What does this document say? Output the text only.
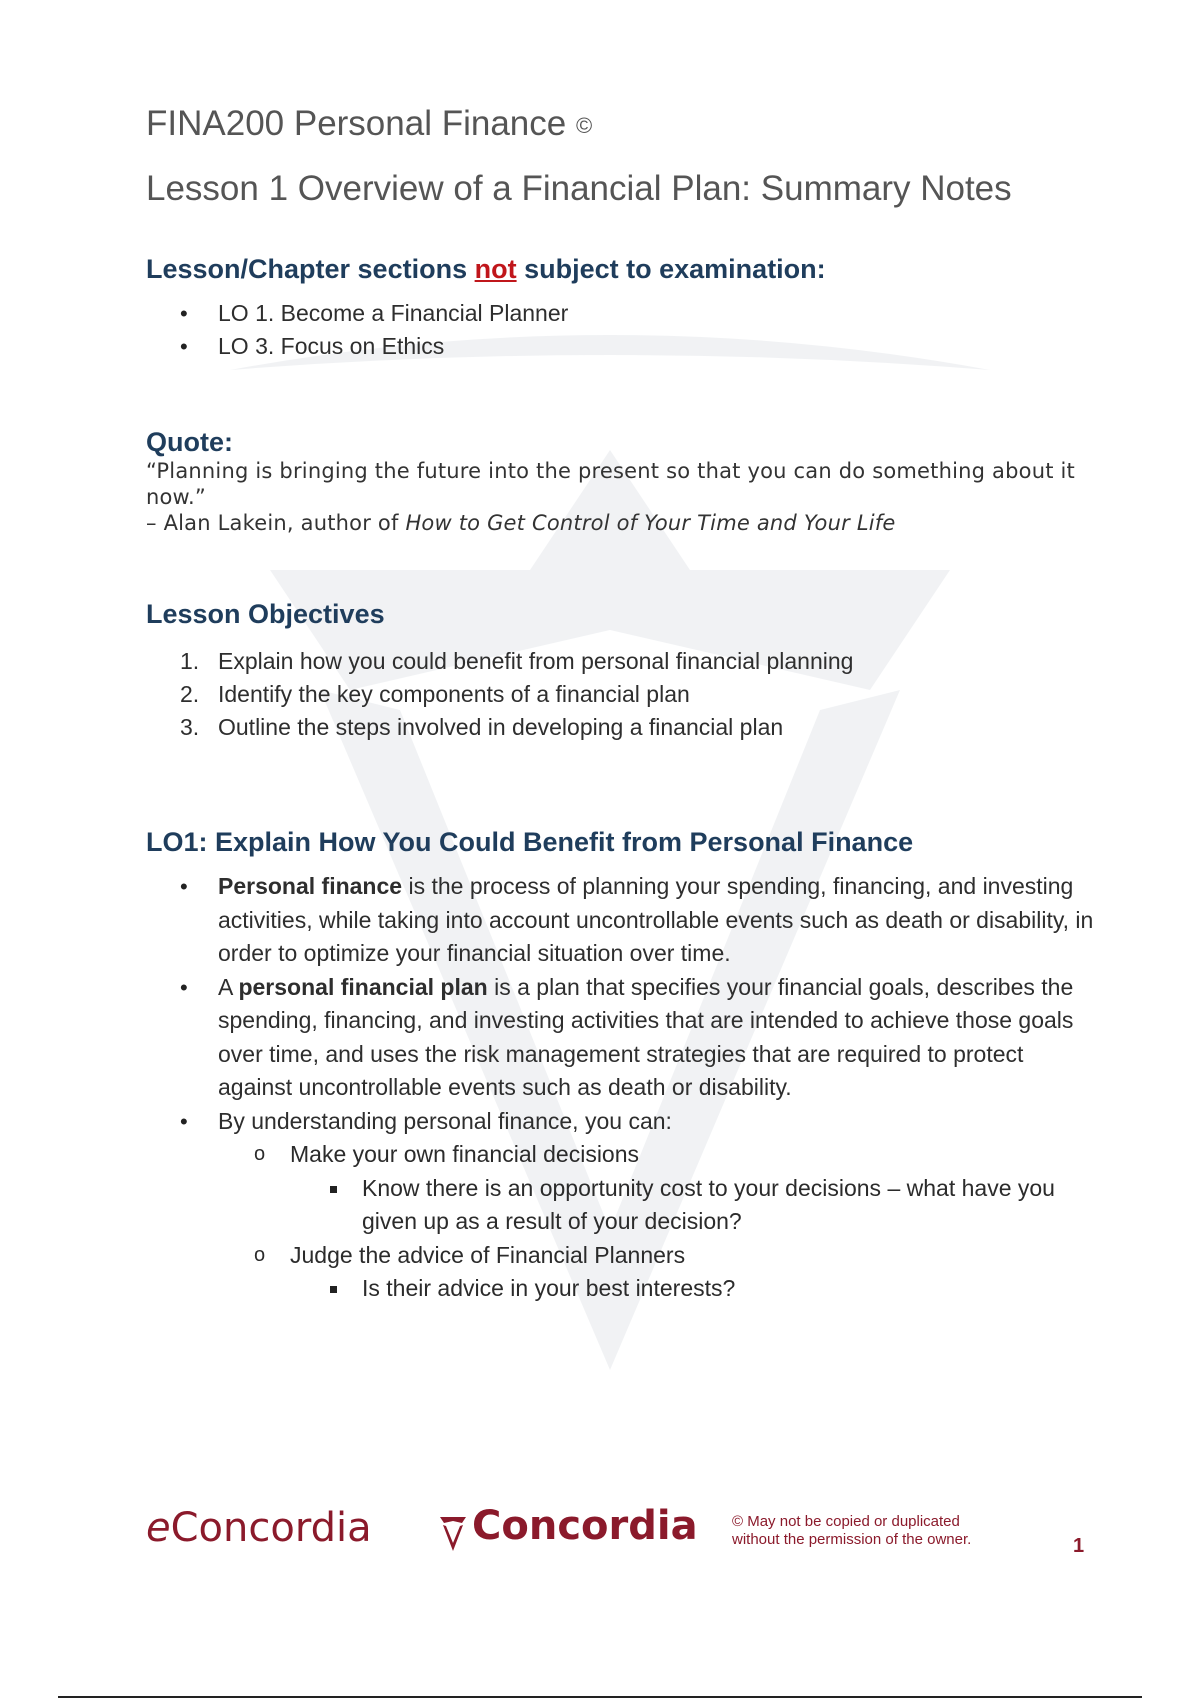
FINA200 Personal Finance ©
Lesson 1 Overview of a Financial Plan: Summary Notes
Lesson/Chapter sections not subject to examination:
• LO 1. Become a Financial Planner
• LO 3. Focus on Ethics
Quote:

“Planning is bringing the future into the present so that you can do something about it now.”

– Alan Lakein, author of How to Get Control of Your Time and Your Life

Lesson Objectives
1. Explain how you could benefit from personal financial planning
2. Identify the key components of a financial plan
3. Outline the steps involved in developing a financial plan
LO1: Explain How You Could Benefit from Personal Finance
• Personal finance is the process of planning your spending, financing, and investing activities, while taking into account uncontrollable events such as death or disability, in order to optimize your financial situation over time.
• A personal financial plan is a plan that specifies your financial goals, describes the spending, financing, and investing activities that are intended to achieve those goals over time, and uses the risk management strategies that are required to protect against uncontrollable events such as death or disability.
• By understanding personal finance, you can:
o Make your own financial decisions
Know there is an opportunity cost to your decisions – what have you given up as a result of your decision?
o Judge the advice of Financial Planners
Is their advice in your best interests?
eConcordia	Concordia © May not be copied or duplicated
without the permission of the owner.	1
